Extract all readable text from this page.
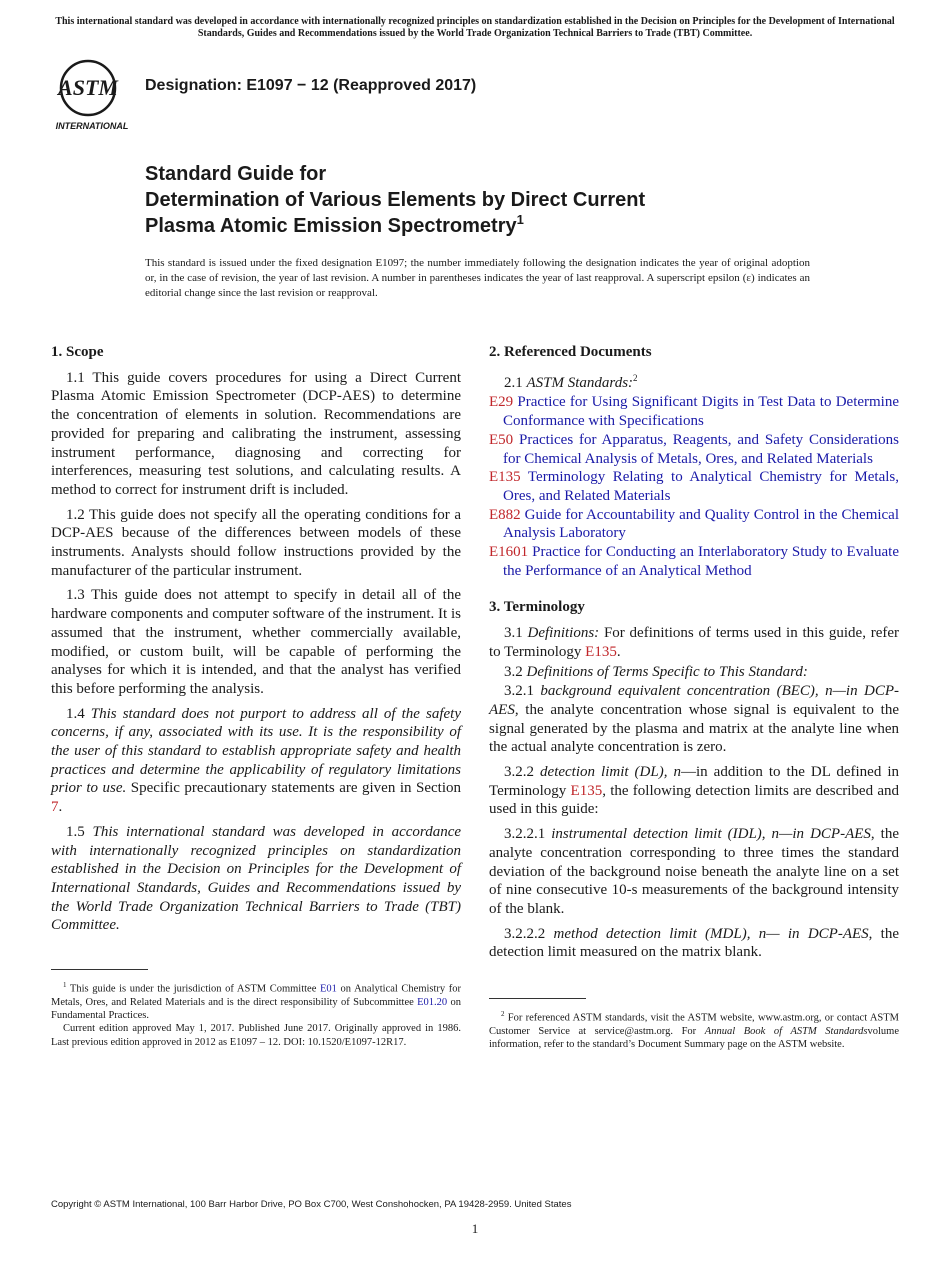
This international standard was developed in accordance with internationally recognized principles on standardization established in the Decision on Principles for the Development of International Standards, Guides and Recommendations issued by the World Trade Organization Technical Barriers to Trade (TBT) Committee.
ASTM
INTERNATIONAL
Designation: E1097 − 12 (Reapproved 2017)
Standard Guide for
Determination of Various Elements by Direct Current
Plasma Atomic Emission Spectrometry$^1$
This standard is issued under the fixed designation E1097; the number immediately following the designation indicates the year of original adoption or, in the case of revision, the year of last revision. A number in parentheses indicates the year of last reapproval. A superscript epsilon (ε) indicates an editorial change since the last revision or reapproval.
1. Scope

1.1 This guide covers procedures for using a Direct Current Plasma Atomic Emission Spectrometer (DCP-AES) to determine the concentration of elements in solution. Recommendations are provided for preparing and calibrating the instrument, assessing instrument performance, diagnosing and correcting for interferences, measuring test solutions, and calculating results. A method to correct for instrument drift is included.

1.2 This guide does not specify all the operating conditions for a DCP-AES because of the differences between models of these instruments. Analysts should follow instructions provided by the manufacturer of the particular instrument.

1.3 This guide does not attempt to specify in detail all of the hardware components and computer software of the instrument. It is assumed that the instrument, whether commercially available, modified, or custom built, will be capable of performing the analyses for which it is intended, and that the analyst has verified this before performing the analysis.

1.4 This standard does not purport to address all of the safety concerns, if any, associated with its use. It is the responsibility of the user of this standard to establish appropriate safety and health practices and determine the applicability of regulatory limitations prior to use. Specific precautionary statements are given in Section 7.

1.5 This international standard was developed in accordance with internationally recognized principles on standardization established in the Decision on Principles for the Development of International Standards, Guides and Recommendations issued by the World Trade Organization Technical Barriers to Trade (TBT) Committee.

2. Referenced Documents

2.1 ASTM Standards:$^2$

E29 Practice for Using Significant Digits in Test Data to Determine Conformance with Specifications

E50 Practices for Apparatus, Reagents, and Safety Considerations for Chemical Analysis of Metals, Ores, and Related Materials

E135 Terminology Relating to Analytical Chemistry for Metals, Ores, and Related Materials

E882 Guide for Accountability and Quality Control in the Chemical Analysis Laboratory

E1601 Practice for Conducting an Interlaboratory Study to Evaluate the Performance of an Analytical Method

3. Terminology

3.1 Definitions: For definitions of terms used in this guide, refer to Terminology E135.

3.2 Definitions of Terms Specific to This Standard:

3.2.1 background equivalent concentration (BEC), n—in DCP-AES, the analyte concentration whose signal is equivalent to the signal generated by the plasma and matrix at the analyte line when the actual analyte concentration is zero.

3.2.2 detection limit (DL), n—in addition to the DL defined in Terminology E135, the following detection limits are described and used in this guide:

3.2.2.1 instrumental detection limit (IDL), n—in DCP-AES, the analyte concentration corresponding to three times the standard deviation of the background noise beneath the analyte line on a set of nine consecutive 10-s measurements of the background intensity of the blank.

3.2.2.2 method detection limit (MDL), n— in DCP-AES, the detection limit measured on the matrix blank.

$^1$ This guide is under the jurisdiction of ASTM Committee E01 on Analytical Chemistry for Metals, Ores, and Related Materials and is the direct responsibility of Subcommittee E01.20 on Fundamental Practices.

Current edition approved May 1, 2017. Published June 2017. Originally approved in 1986. Last previous edition approved in 2012 as E1097 – 12. DOI: 10.1520/E1097-12R17.

$^2$ For referenced ASTM standards, visit the ASTM website, www.astm.org, or contact ASTM Customer Service at service@astm.org. For Annual Book of ASTM Standardsvolume information, refer to the standard’s Document Summary page on the ASTM website.

Copyright © ASTM International, 100 Barr Harbor Drive, PO Box C700, West Conshohocken, PA 19428-2959. United States
1
